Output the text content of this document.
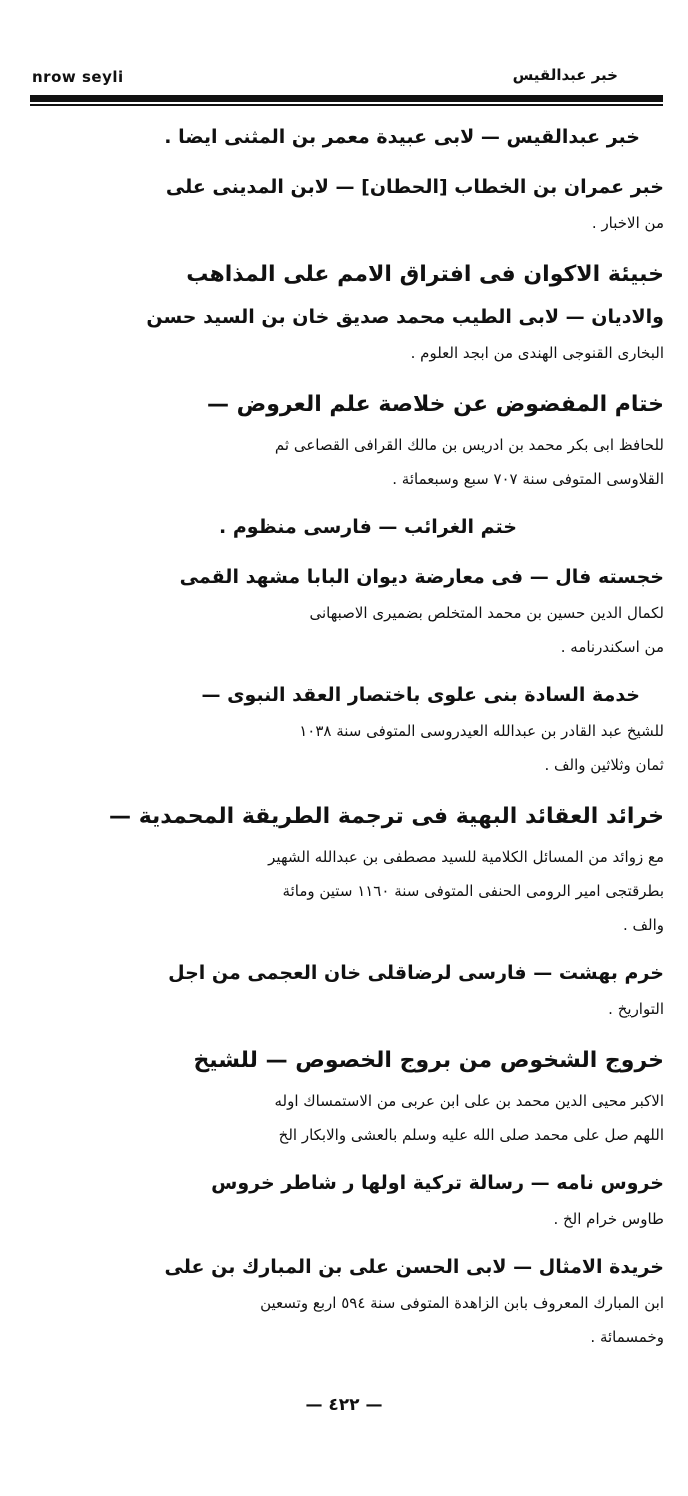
nrow seyli	خبر عبدالقيس
خبر عبدالقيس — لابى عبيدة معمر بن المثنى ايضا .
خبر عمران بن الخطاب [الحطان] — لابن المدينى على
من الاخبار .
خبيئة الاكوان فى افتراق الامم على المذاهب
والاديان — لابى الطيب محمد صديق خان بن السيد حسن
البخارى القنوجى الهندى من ابجد العلوم .
ختام المفضوض عن خلاصة علم العروض —
للحافظ ابى بكر محمد بن ادريس بن مالك القرافى القصاعى ثم
القلاوسى المتوفى سنة ٧٠٧ سبع وسبعمائة .
ختم الغرائب — فارسى منظوم .
خجسته فال — فى معارضة ديوان البابا مشهد القمى
لكمال الدين حسين بن محمد المتخلص بضميرى الاصبهانى
من اسكندرنامه .
خدمة السادة بنى علوى باختصار العقد النبوى —
للشيخ عبد القادر بن عبدالله العيدروسى المتوفى سنة ١٠٣٨
ثمان وثلاثين والف .
خرائد العقائد البهية فى ترجمة الطريقة المحمدية —
مع زوائد من المسائل الكلامية للسيد مصطفى بن عبدالله الشهير
بطرقتجى امير الرومى الحنفى المتوفى سنة ١١٦٠ ستين ومائة
والف .
خرم بهشت — فارسى لرضاقلى خان العجمى من اجل
التواريخ .
خروج الشخوص من بروج الخصوص — للشيخ
الاكبر محيى الدين محمد بن على ابن عربى من الاستمساك اوله
اللهم صل على محمد صلى الله عليه وسلم بالعشى والابكار الخ
خروس نامه — رسالة تركية اولها ر شاطر خروس
طاوس خرام الخ .
خريدة الامثال — لابى الحسن على بن المبارك بن على
ابن المبارك المعروف بابن الزاهدة المتوفى سنة ٥٩٤ اربع وتسعين
وخمسمائة .
— ٤٢٢ —
